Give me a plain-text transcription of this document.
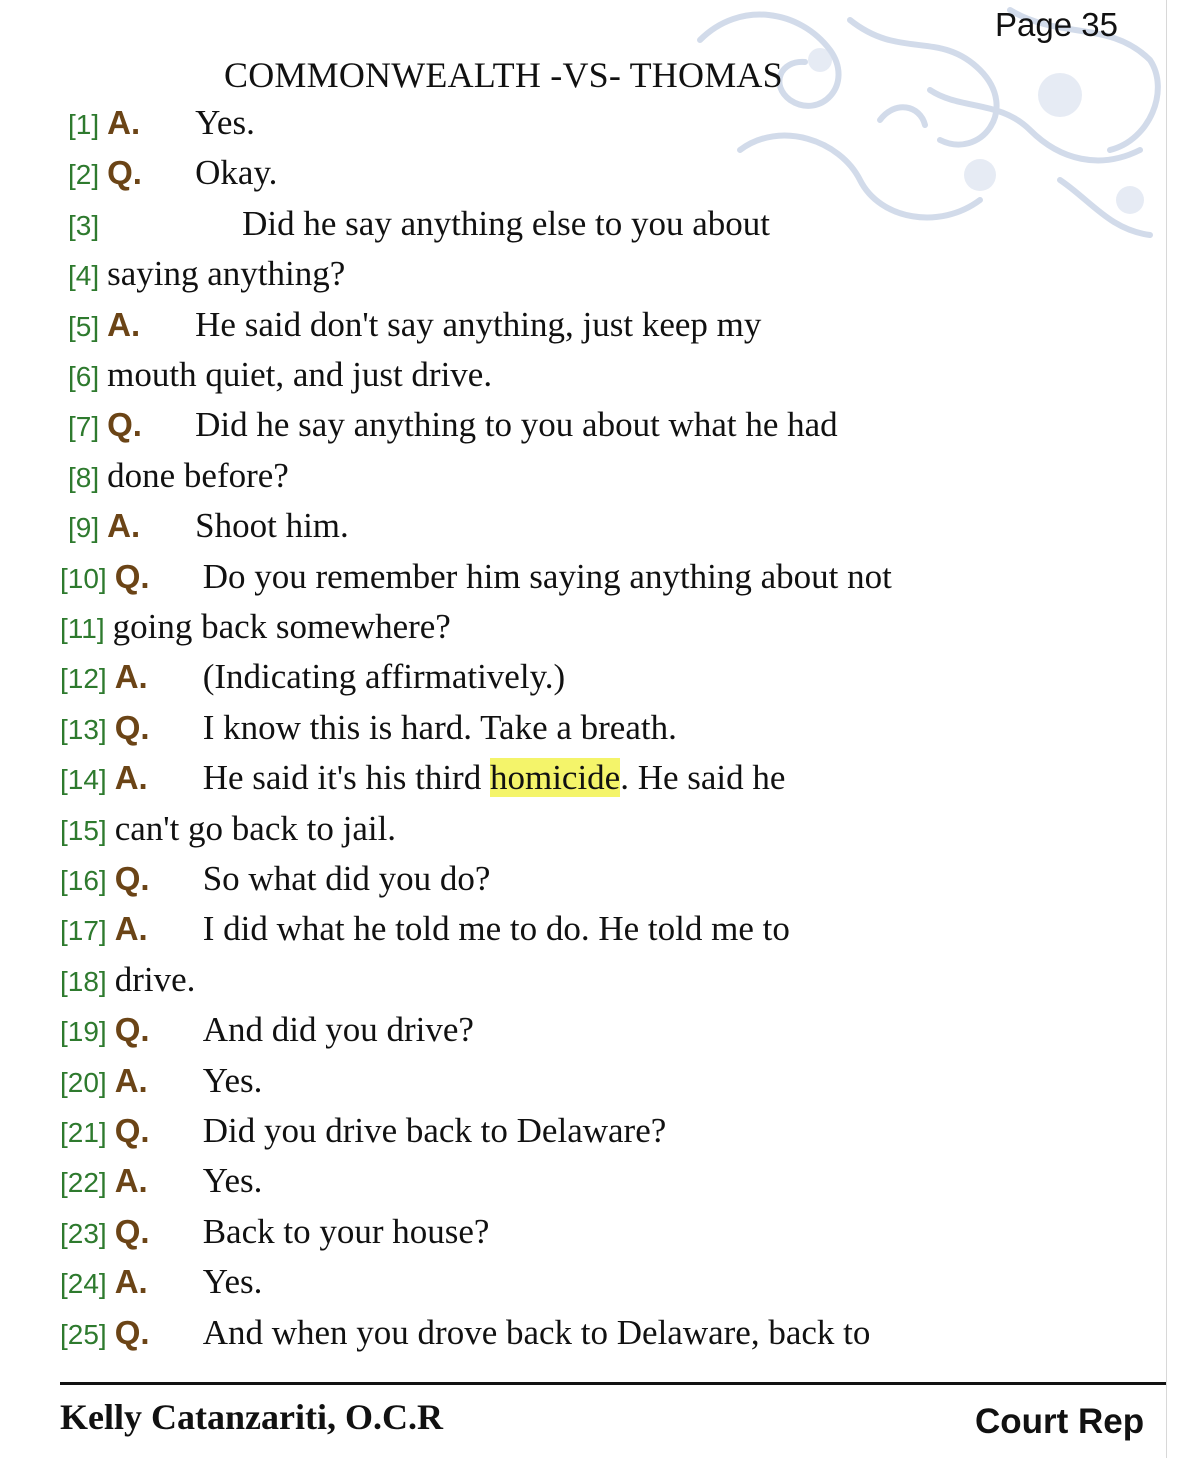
Page 35
COMMONWEALTH -VS- THOMAS
[1] A.	Yes.
[2] Q.	Okay.
[3]	Did he say anything else to you about
[4] saying anything?
[5] A.	He said don't say anything, just keep my
[6] mouth quiet, and just drive.
[7] Q.	Did he say anything to you about what he had
[8] done before?
[9] A.	Shoot him.
[10] Q.	Do you remember him saying anything about not
[11] going back somewhere?
[12] A.	(Indicating affirmatively.)
[13] Q.	I know this is hard. Take a breath.
[14] A.	He said it's his third homicide. He said he
[15] can't go back to jail.
[16] Q.	So what did you do?
[17] A.	I did what he told me to do. He told me to
[18] drive.
[19] Q.	And did you drive?
[20] A.	Yes.
[21] Q.	Did you drive back to Delaware?
[22] A.	Yes.
[23] Q.	Back to your house?
[24] A.	Yes.
[25] Q.	And when you drove back to Delaware, back to
Kelly Catanzariti, O.C.R	Court Rep
